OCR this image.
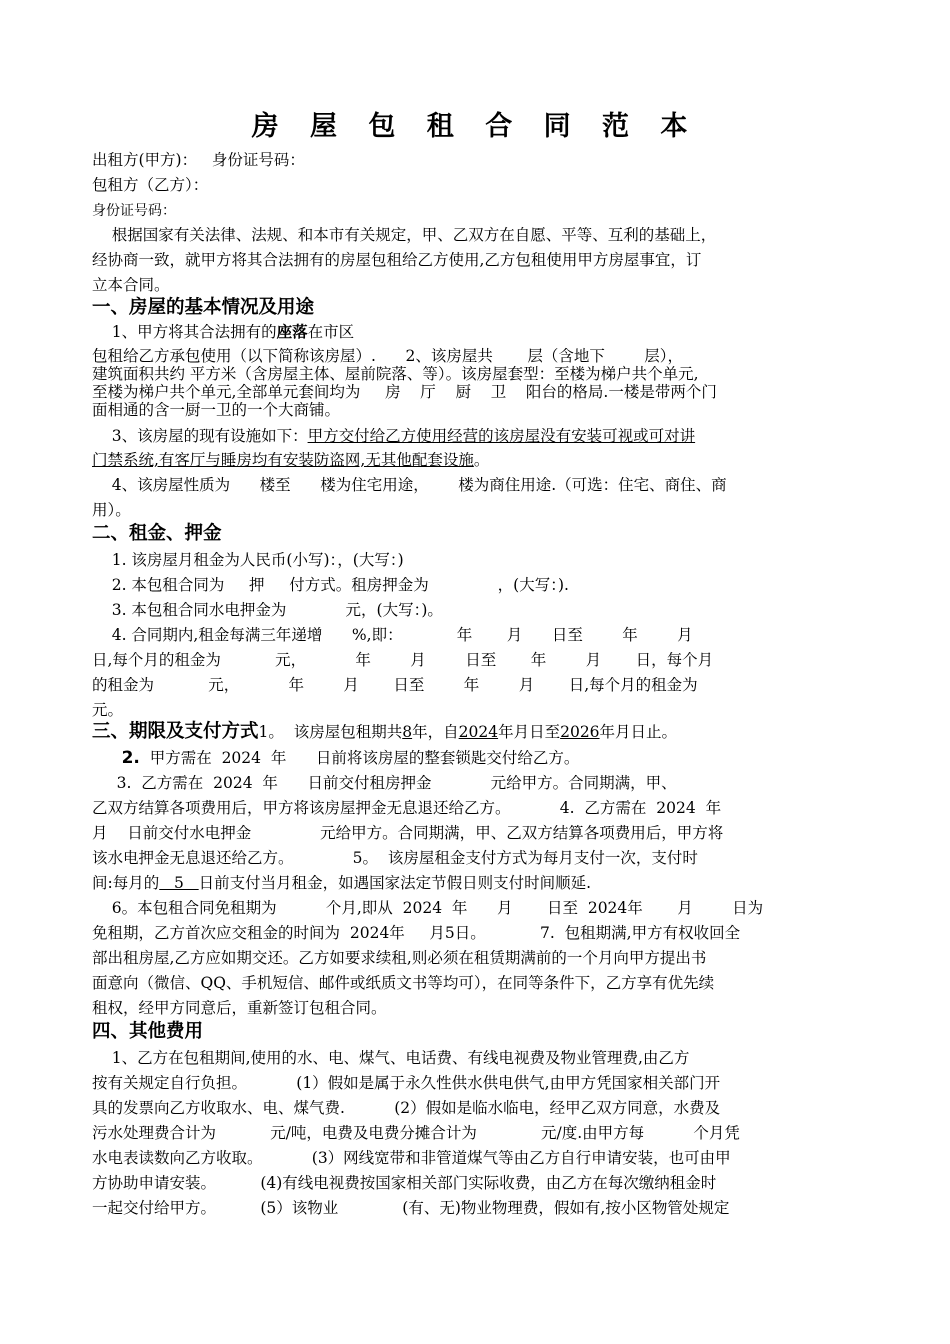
房 屋 包 租 合 同 范 本
出租方(甲方)：   身份证号码：
包租方（乙方）：
身份证号码：
根据国家有关法律、法规、和本市有关规定，甲、乙双方在自愿、平等、互利的基础上，
经协商一致，就甲方将其合法拥有的房屋包租给乙方使用,乙方包租使用甲方房屋事宜，订
立本合同。
一、房屋的基本情况及用途
1、甲方将其合法拥有的座落在市区
包租给乙方承包使用（以下简称该房屋）.      2、该房屋共       层（含地下        层），
建筑面积共约 平方米（含房屋主体、屋前院落、等）。该房屋套型：至楼为梯户共个单元,
至楼为梯户共个单元,全部单元套间均为     房    厅    厨    卫    阳台的格局.一楼是带两个门
面相通的含一厨一卫的一个大商铺。
3、该房屋的现有设施如下：甲方交付给乙方使用经营的该房屋没有安装可视或可对讲
门禁系统,有客厅与睡房均有安装防盗网,无其他配套设施。
4、该房屋性质为      楼至      楼为住宅用途，      楼为商住用途.（可选：住宅、商住、商
用）。
二、租金、押金
1. 该房屋月租金为人民币(小写)：，(大写：)
2. 本包租合同为     押     付方式。租房押金为              ，(大写：).
3. 本包租合同水电押金为            元，(大写：)。
4. 合同期内,租金每满三年递增      %,即：           年       月      日至        年        月
日,每个月的租金为           元，          年        月        日至       年        月       日，每个月
的租金为           元，          年        月       日至        年        月       日,每个月的租金为
元。
三、期限及支付方式1。  该房屋包租期共8年，自2024年月日至2026年月日止。
2.  甲方需在  2024  年      日前将该房屋的整套锁匙交付给乙方。
3.  乙方需在  2024  年      日前交付租房押金            元给甲方。合同期满，甲、
乙双方结算各项费用后，甲方将该房屋押金无息退还给乙方。          4.  乙方需在  2024  年
月    日前交付水电押金              元给甲方。合同期满，甲、乙双方结算各项费用后，甲方将
该水电押金无息退还给乙方。            5。  该房屋租金支付方式为每月支付一次，支付时
间:每月的   5   日前支付当月租金，如遇国家法定节假日则支付时间顺延.
6。本包租合同免租期为          个月,即从  2024  年      月       日至  2024年       月        日为
免租期，乙方首次应交租金的时间为  2024年     月5日。           7.  包租期满,甲方有权收回全
部出租房屋,乙方应如期交还。乙方如要求续租,则必须在租赁期满前的一个月向甲方提出书
面意向（微信、QQ、手机短信、邮件或纸质文书等均可），在同等条件下，乙方享有优先续
租权，经甲方同意后，重新签订包租合同。
四、其他费用
1、乙方在包租期间,使用的水、电、煤气、电话费、有线电视费及物业管理费,由乙方
按有关规定自行负担。          (1）假如是属于永久性供水供电供气,由甲方凭国家相关部门开
具的发票向乙方收取水、电、煤气费.          (2）假如是临水临电，经甲乙双方同意，水费及
污水处理费合计为           元/吨，电费及电费分摊合计为             元/度.由甲方每          个月凭
水电表读数向乙方收取。          (3）网线宽带和非管道煤气等由乙方自行申请安装，也可由甲
方协助申请安装。         (4)有线电视费按国家相关部门实际收费，由乙方在每次缴纳租金时
一起交付给甲方。         (5）该物业             (有、无)物业物理费，假如有,按小区物管处规定
